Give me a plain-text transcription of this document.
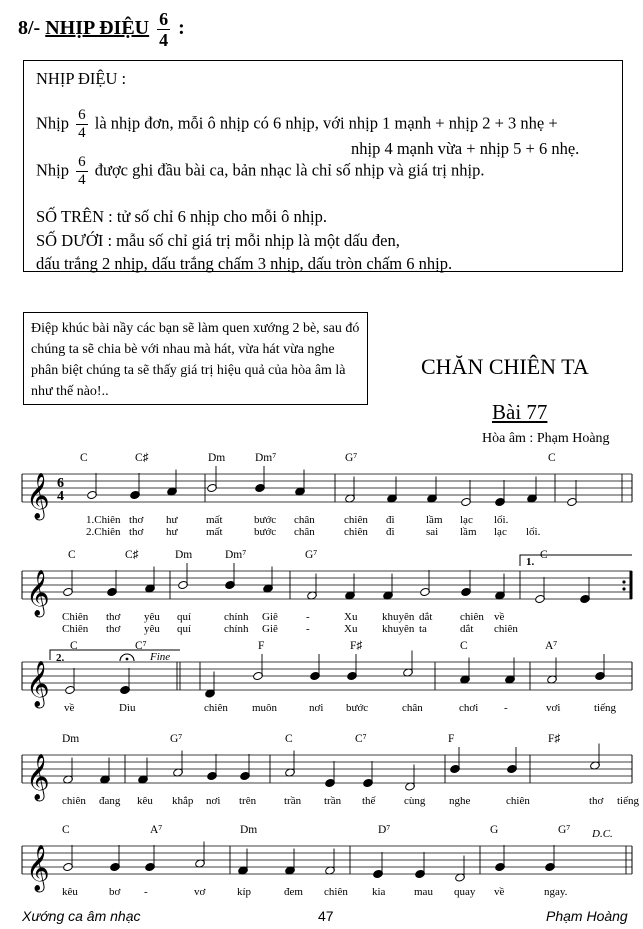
8/- NHỊP ĐIỆU $\frac{6}{4}$ :
NHỊP ĐIỆU :
Nhịp $\frac{6}{4}$ là nhịp đơn, mỗi ô nhịp có 6 nhịp, với nhịp 1 mạnh + nhịp 2 + 3 nhẹ +
nhịp 4 mạnh vừa + nhịp 5 + 6 nhẹ.
Nhịp $\frac{6}{4}$ được ghi đầu bài ca, bản nhạc là chỉ số nhịp và giá trị nhịp.
SỐ TRÊN : tử số chỉ 6 nhịp cho mỗi ô nhịp.
SỐ DƯỚI : mẫu số chỉ giá trị mỗi nhịp là một dấu đen,
dấu trắng 2 nhịp, dấu trắng chấm 3 nhịp, dấu tròn chấm 6 nhịp.
Điệp khúc bài nầy các bạn sẽ làm quen xướng 2 bè, sau đó chúng ta sẽ chia bè với nhau mà hát, vừa hát vừa nghe phân biệt chúng ta sẽ thấy giá trị hiệu quả của hòa âm là như thế nào!..
CHĂN CHIÊN TA
Bài 77
Hòa âm : Phạm Hoàng
𝄞
𝄞
𝄞
𝄞
𝄞
C	C♯	Dm	Dm⁷	G⁷	C
1.Chiên thơ hư	mất	bước chân	chiên đi	lầm lạc lối.
2.Chiên thơ hư	mất	bước chân	chiên đi	sai lầm lạc lối.
C	C♯	Dm	Dm⁷	G⁷	C
Chiên thơ yêu quí	chính Giê	-	Xu khuyên dắt	chiên về
Chiên thơ yêu quí	chính Giê	-	Xu khuyên ta	dắt chiên
C	C⁷	F	F♯	C	A⁷
về	Dìu	chiên muôn	nơi bước	chân	chơi -	vơi	tiếng
Dm	G⁷	C	C⁷	F	F♯
chiên đang kêu khắp nơi trên	trần trần thế	cùng nghe	chiên	thơ tiếng
C	A⁷	Dm	D⁷	G	G⁷
kêu	bơ -	vơ	kíp	đem chiên kia	mau quay về	ngay.
6
4
1.
2.	Fine
D.C.
Xướng ca âm nhạc	47	Phạm Hoàng
